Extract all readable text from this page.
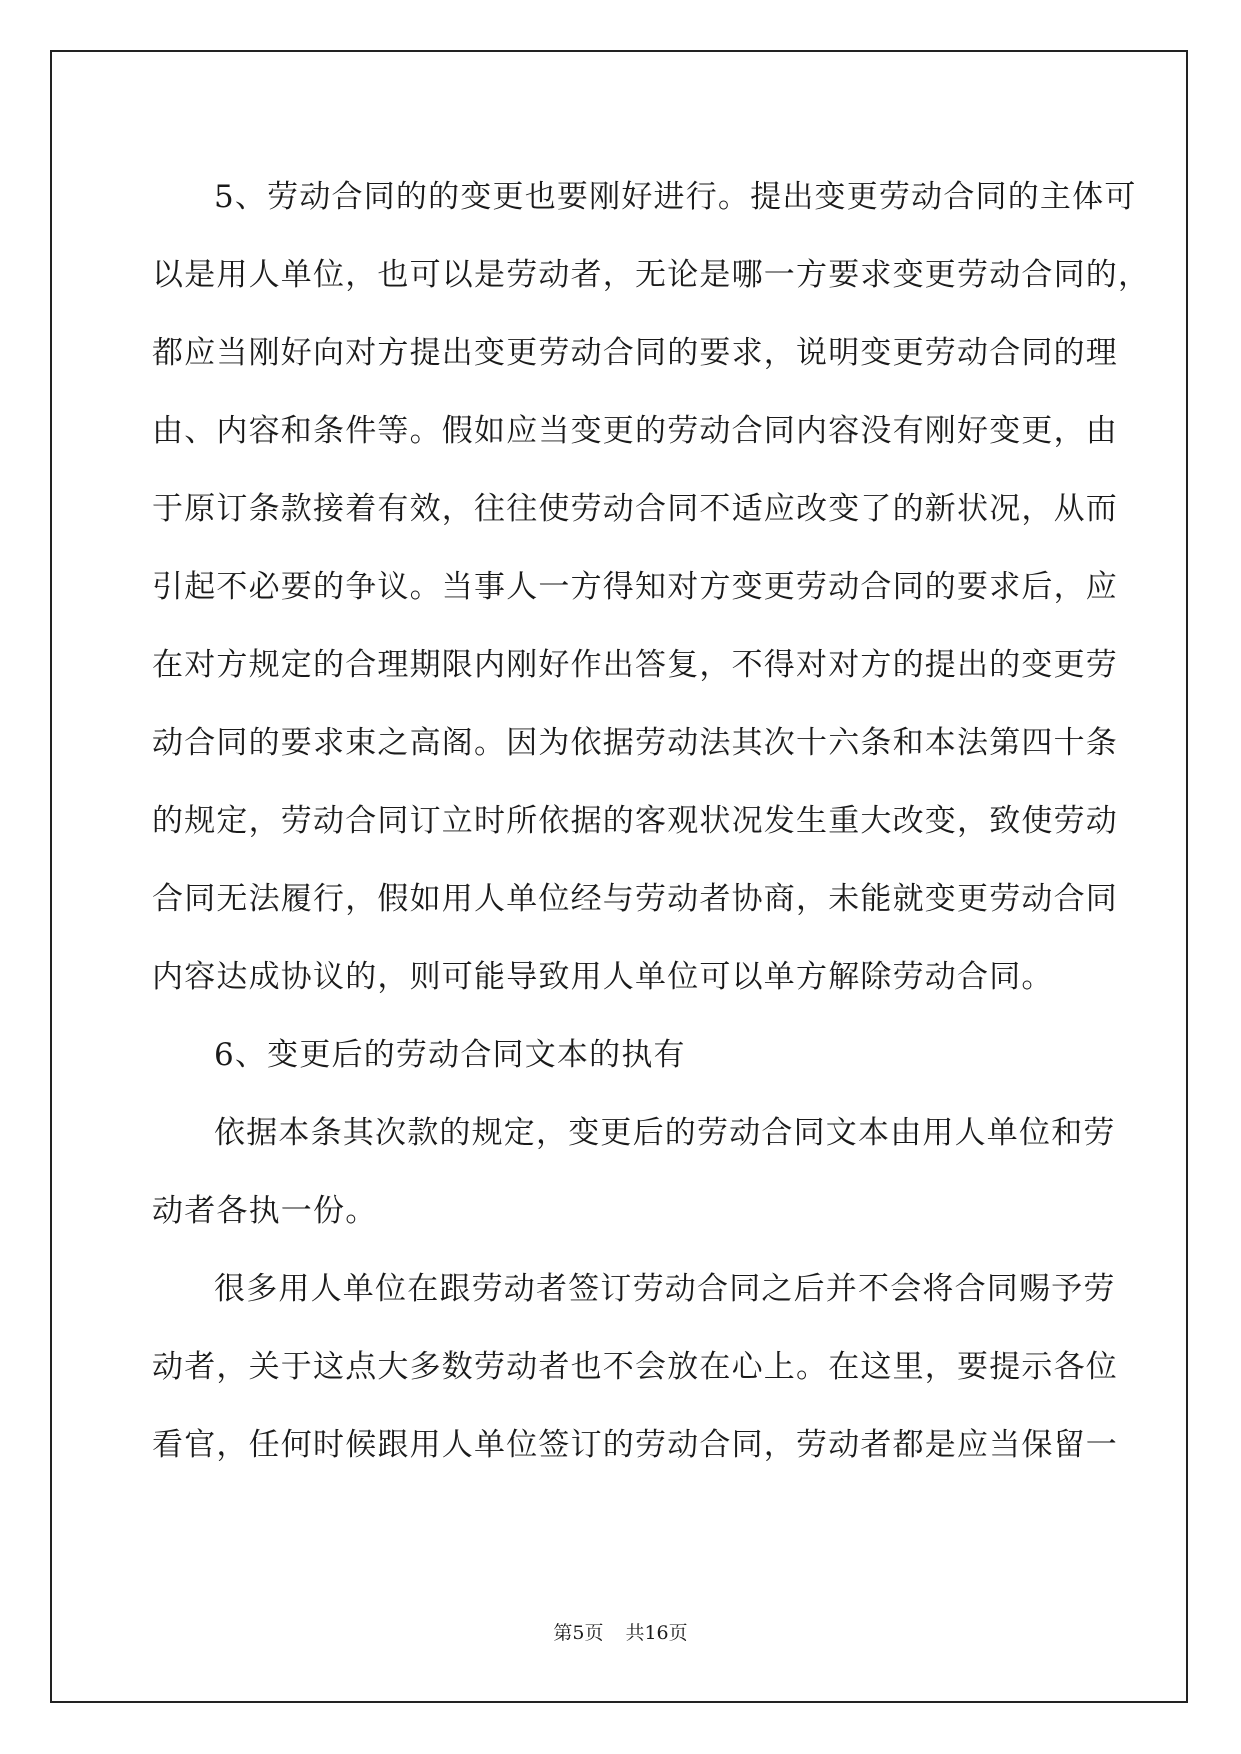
5、劳动合同的的变更也要刚好进行。提出变更劳动合同的主体可
以是用人单位，也可以是劳动者，无论是哪一方要求变更劳动合同的，
都应当刚好向对方提出变更劳动合同的要求，说明变更劳动合同的理
由、内容和条件等。假如应当变更的劳动合同内容没有刚好变更，由
于原订条款接着有效，往往使劳动合同不适应改变了的新状况，从而
引起不必要的争议。当事人一方得知对方变更劳动合同的要求后，应
在对方规定的合理期限内刚好作出答复，不得对对方的提出的变更劳
动合同的要求束之高阁。因为依据劳动法其次十六条和本法第四十条
的规定，劳动合同订立时所依据的客观状况发生重大改变，致使劳动
合同无法履行，假如用人单位经与劳动者协商，未能就变更劳动合同
内容达成协议的，则可能导致用人单位可以单方解除劳动合同。
6、变更后的劳动合同文本的执有
依据本条其次款的规定，变更后的劳动合同文本由用人单位和劳
动者各执一份。
很多用人单位在跟劳动者签订劳动合同之后并不会将合同赐予劳
动者，关于这点大多数劳动者也不会放在心上。在这里，要提示各位
看官，任何时候跟用人单位签订的劳动合同，劳动者都是应当保留一
第5页 共16页
